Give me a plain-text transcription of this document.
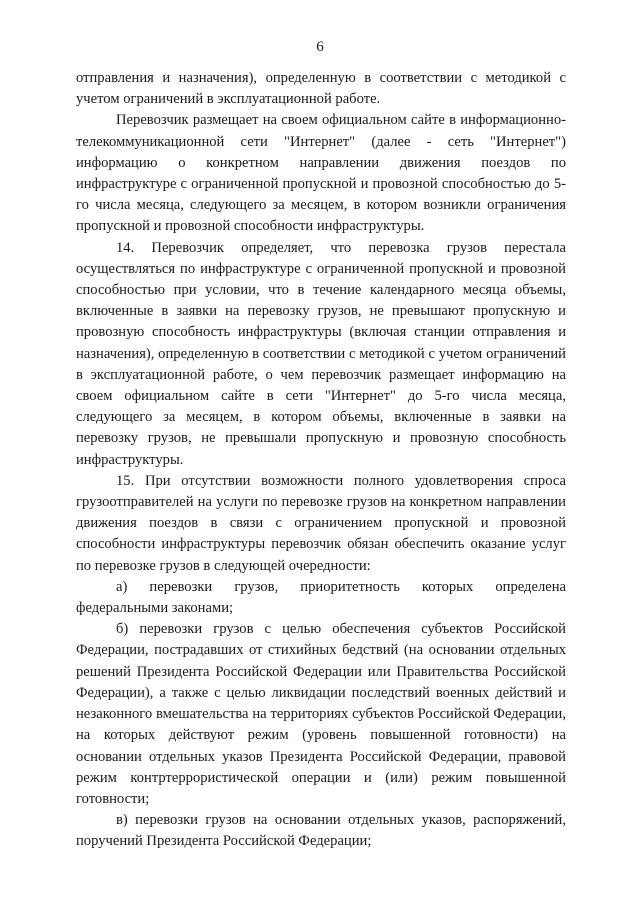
6

отправления и назначения), определенную в соответствии с методикой с учетом ограничений в эксплуатационной работе.

Перевозчик размещает на своем официальном сайте в информационно-телекоммуникационной сети "Интернет" (далее - сеть "Интернет") информацию о конкретном направлении движения поездов по инфраструктуре с ограниченной пропускной и провозной способностью до 5-го числа месяца, следующего за месяцем, в котором возникли ограничения пропускной и провозной способности инфраструктуры.

14. Перевозчик определяет, что перевозка грузов перестала осуществляться по инфраструктуре с ограниченной пропускной и провозной способностью при условии, что в течение календарного месяца объемы, включенные в заявки на перевозку грузов, не превышают пропускную и провозную способность инфраструктуры (включая станции отправления и назначения), определенную в соответствии с методикой с учетом ограничений в эксплуатационной работе, о чем перевозчик размещает информацию на своем официальном сайте в сети "Интернет" до 5-го числа месяца, следующего за месяцем, в котором объемы, включенные в заявки на перевозку грузов, не превышали пропускную и провозную способность инфраструктуры.

15. При отсутствии возможности полного удовлетворения спроса грузоотправителей на услуги по перевозке грузов на конкретном направлении движения поездов в связи с ограничением пропускной и провозной способности инфраструктуры перевозчик обязан обеспечить оказание услуг по перевозке грузов в следующей очередности:

а) перевозки грузов, приоритетность которых определена федеральными законами;

б) перевозки грузов с целью обеспечения субъектов Российской Федерации, пострадавших от стихийных бедствий (на основании отдельных решений Президента Российской Федерации или Правительства Российской Федерации), а также с целью ликвидации последствий военных действий и незаконного вмешательства на территориях субъектов Российской Федерации, на которых действуют режим (уровень повышенной готовности) на основании отдельных указов Президента Российской Федерации, правовой режим контртеррористической операции и (или) режим повышенной готовности;

в) перевозки грузов на основании отдельных указов, распоряжений, поручений Президента Российской Федерации;
